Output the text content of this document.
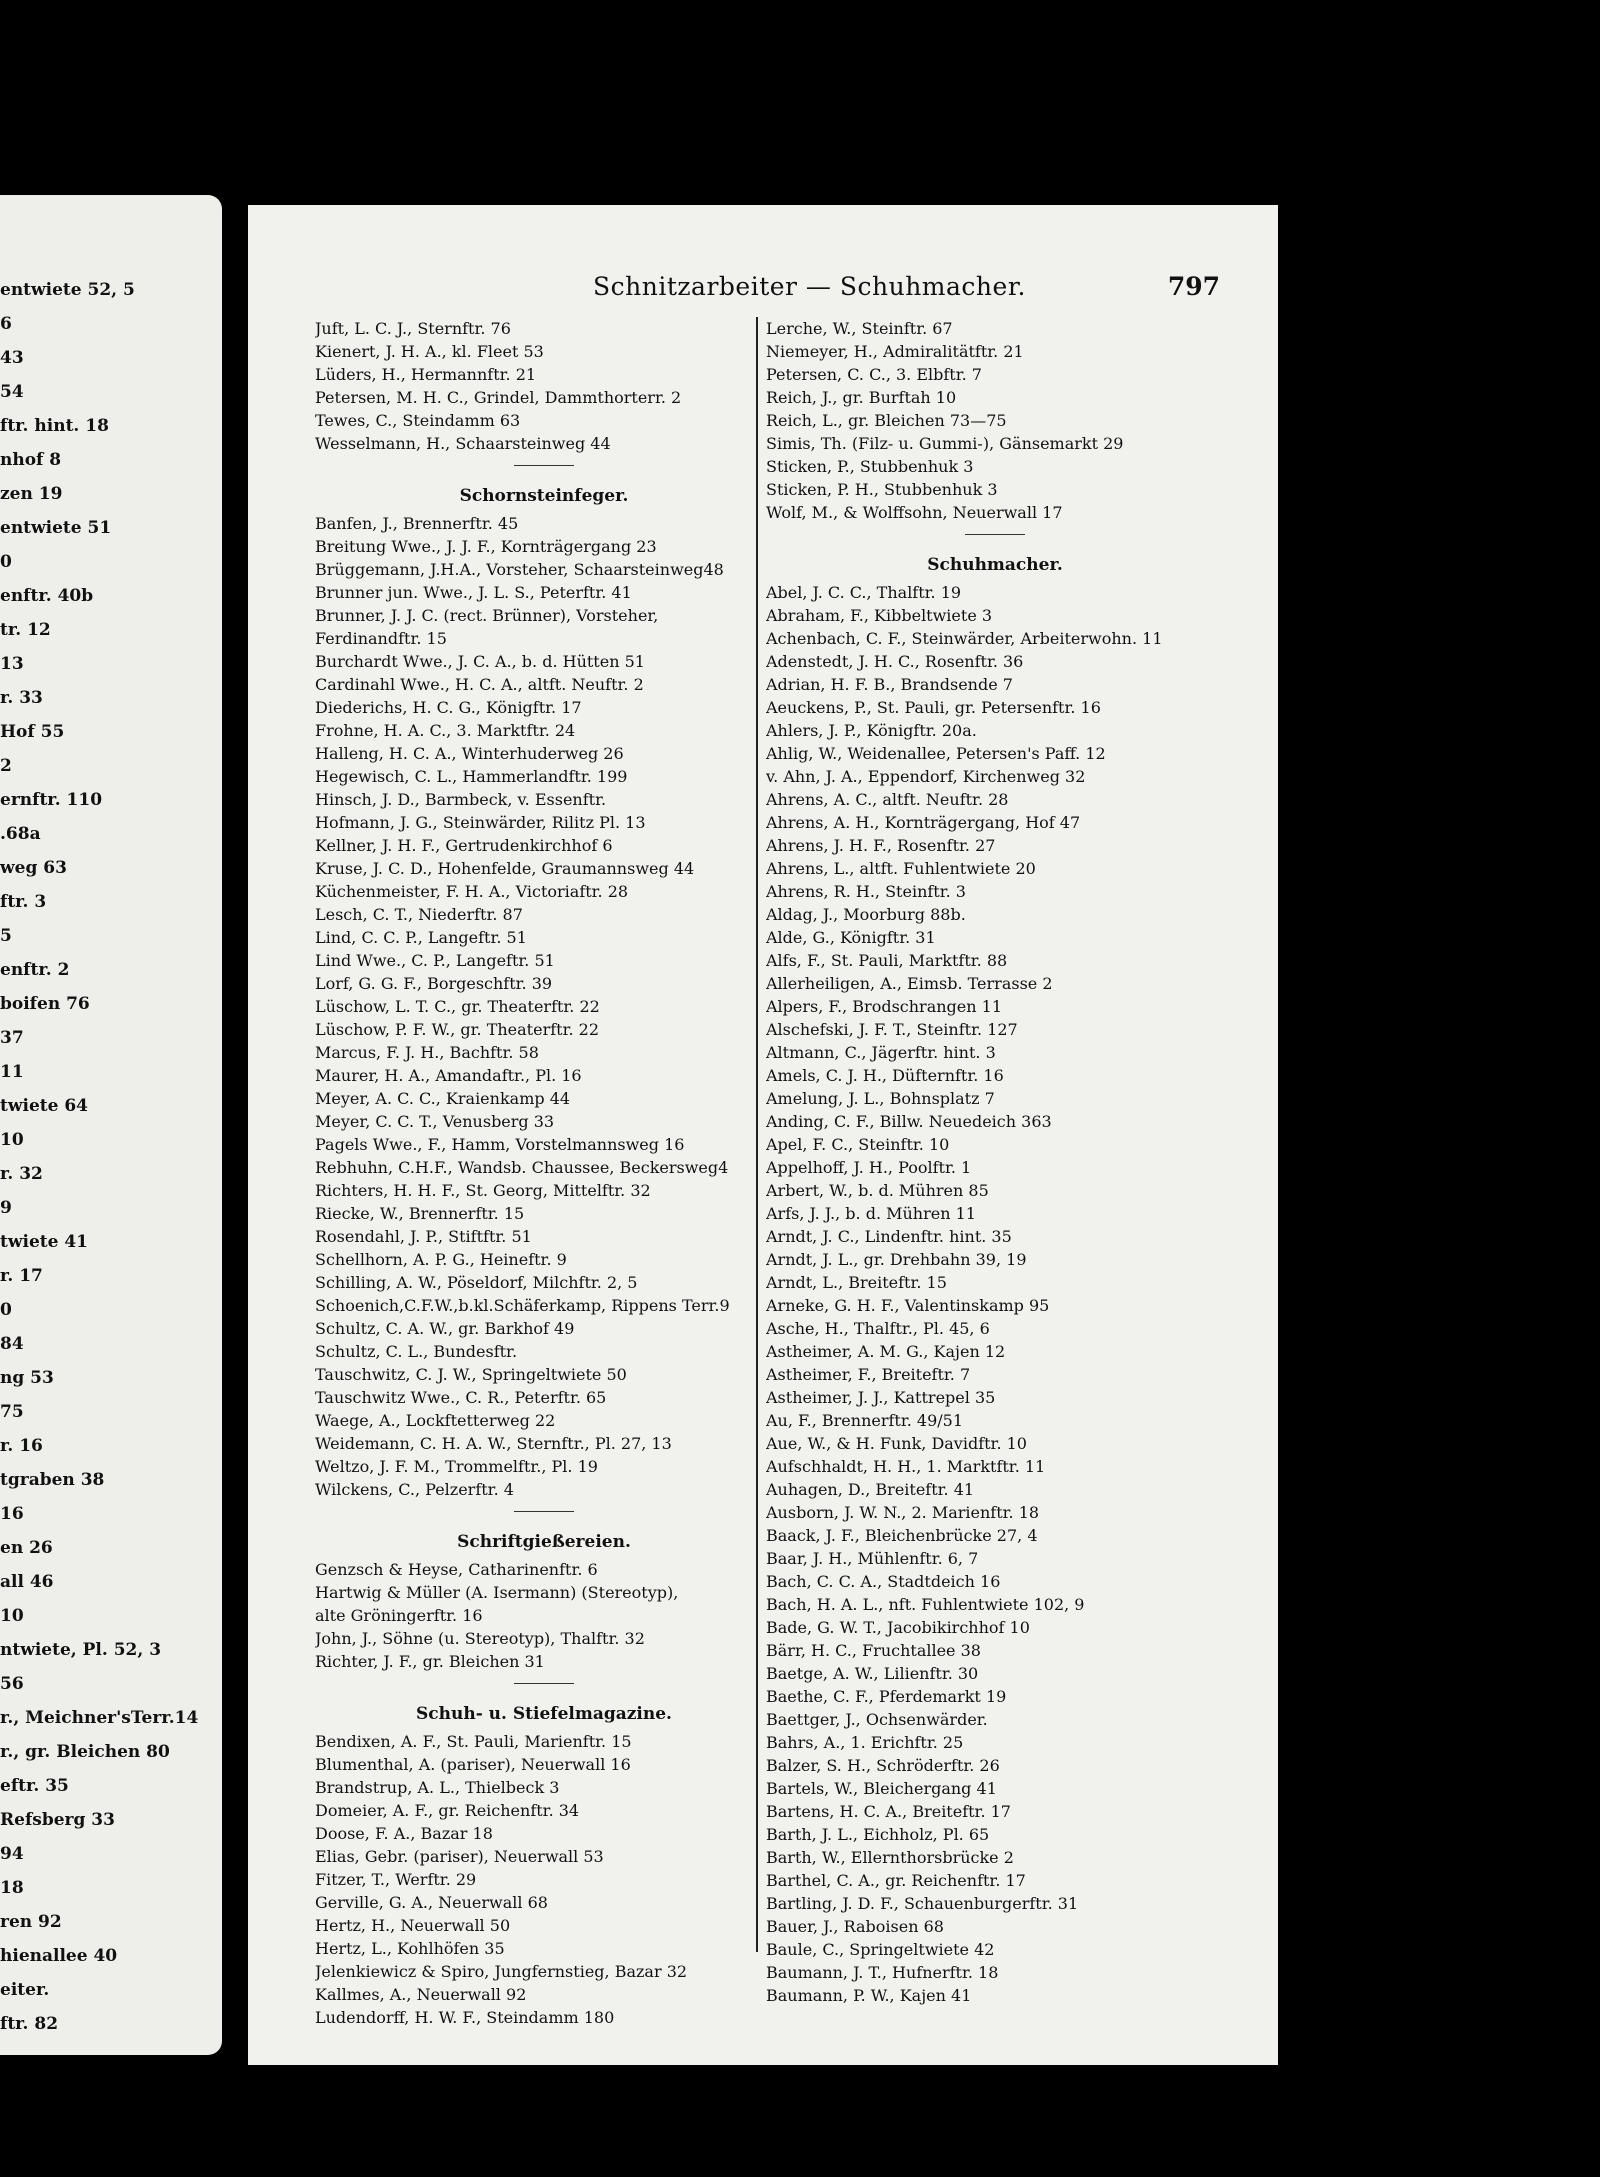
entwiete 52, 5
6
43
54
ftr. hint. 18
nhof 8
zen 19
entwiete 51
0
enftr. 40b
tr. 12
13
r. 33
Hof 55
2
ernftr. 110
.68a
weg 63
ftr. 3
5
enftr. 2
boifen 76
37
11
twiete 64
10
r. 32
9
twiete 41
r. 17
0
84
ng 53
75
r. 16
tgraben 38
16
en 26
all 46
10
ntwiete, Pl. 52, 3
56
r., Meichner'sTerr.14
r., gr. Bleichen 80
eftr. 35
Refsberg 33
94
18
ren 92
hienallee 40
eiter.
ftr. 82
Schnitzarbeiter — Schuhmacher.	797
Juft, L. C. J., Sternftr. 76
Kienert, J. H. A., kl. Fleet 53
Lüders, H., Hermannftr. 21
Petersen, M. H. C., Grindel, Dammthorterr. 2
Tewes, C., Steindamm 63
Wesselmann, H., Schaarsteinweg 44
Schornsteinfeger.
Banfen, J., Brennerftr. 45
Breitung Wwe., J. J. F., Kornträgergang 23
Brüggemann, J.H.A., Vorsteher, Schaarsteinweg48
Brunner jun. Wwe., J. L. S., Peterftr. 41
Brunner, J. J. C. (rect. Brünner), Vorsteher,
Ferdinandftr. 15
Burchardt Wwe., J. C. A., b. d. Hütten 51
Cardinahl Wwe., H. C. A., altft. Neuftr. 2
Diederichs, H. C. G., Königftr. 17
Frohne, H. A. C., 3. Marktftr. 24
Halleng, H. C. A., Winterhuderweg 26
Hegewisch, C. L., Hammerlandftr. 199
Hinsch, J. D., Barmbeck, v. Essenftr.
Hofmann, J. G., Steinwärder, Rilitz Pl. 13
Kellner, J. H. F., Gertrudenkirchhof 6
Kruse, J. C. D., Hohenfelde, Graumannsweg 44
Küchenmeister, F. H. A., Victoriaftr. 28
Lesch, C. T., Niederftr. 87
Lind, C. C. P., Langeftr. 51
Lind Wwe., C. P., Langeftr. 51
Lorf, G. G. F., Borgeschftr. 39
Lüschow, L. T. C., gr. Theaterftr. 22
Lüschow, P. F. W., gr. Theaterftr. 22
Marcus, F. J. H., Bachftr. 58
Maurer, H. A., Amandaftr., Pl. 16
Meyer, A. C. C., Kraienkamp 44
Meyer, C. C. T., Venusberg 33
Pagels Wwe., F., Hamm, Vorstelmannsweg 16
Rebhuhn, C.H.F., Wandsb. Chaussee, Beckersweg4
Richters, H. H. F., St. Georg, Mittelftr. 32
Riecke, W., Brennerftr. 15
Rosendahl, J. P., Stiftftr. 51
Schellhorn, A. P. G., Heineftr. 9
Schilling, A. W., Pöseldorf, Milchftr. 2, 5
Schoenich,C.F.W.,b.kl.Schäferkamp, Rippens Terr.9
Schultz, C. A. W., gr. Barkhof 49
Schultz, C. L., Bundesftr.
Tauschwitz, C. J. W., Springeltwiete 50
Tauschwitz Wwe., C. R., Peterftr. 65
Waege, A., Lockftetterweg 22
Weidemann, C. H. A. W., Sternftr., Pl. 27, 13
Weltzo, J. F. M., Trommelftr., Pl. 19
Wilckens, C., Pelzerftr. 4
Schriftgießereien.
Genzsch & Heyse, Catharinenftr. 6
Hartwig & Müller (A. Isermann) (Stereotyp),
alte Gröningerftr. 16
John, J., Söhne (u. Stereotyp), Thalftr. 32
Richter, J. F., gr. Bleichen 31
Schuh- u. Stiefelmagazine.
Bendixen, A. F., St. Pauli, Marienftr. 15
Blumenthal, A. (pariser), Neuerwall 16
Brandstrup, A. L., Thielbeck 3
Domeier, A. F., gr. Reichenftr. 34
Doose, F. A., Bazar 18
Elias, Gebr. (pariser), Neuerwall 53
Fitzer, T., Werftr. 29
Gerville, G. A., Neuerwall 68
Hertz, H., Neuerwall 50
Hertz, L., Kohlhöfen 35
Jelenkiewicz & Spiro, Jungfernstieg, Bazar 32
Kallmes, A., Neuerwall 92
Ludendorff, H. W. F., Steindamm 180
Lerche, W., Steinftr. 67
Niemeyer, H., Admiralitätftr. 21
Petersen, C. C., 3. Elbftr. 7
Reich, J., gr. Burftah 10
Reich, L., gr. Bleichen 73—75
Simis, Th. (Filz- u. Gummi-), Gänsemarkt 29
Sticken, P., Stubbenhuk 3
Sticken, P. H., Stubbenhuk 3
Wolf, M., & Wolffsohn, Neuerwall 17
Schuhmacher.
Abel, J. C. C., Thalftr. 19
Abraham, F., Kibbeltwiete 3
Achenbach, C. F., Steinwärder, Arbeiterwohn. 11
Adenstedt, J. H. C., Rosenftr. 36
Adrian, H. F. B., Brandsende 7
Aeuckens, P., St. Pauli, gr. Petersenftr. 16
Ahlers, J. P., Königftr. 20a.
Ahlig, W., Weidenallee, Petersen's Paff. 12
v. Ahn, J. A., Eppendorf, Kirchenweg 32
Ahrens, A. C., altft. Neuftr. 28
Ahrens, A. H., Kornträgergang, Hof 47
Ahrens, J. H. F., Rosenftr. 27
Ahrens, L., altft. Fuhlentwiete 20
Ahrens, R. H., Steinftr. 3
Aldag, J., Moorburg 88b.
Alde, G., Königftr. 31
Alfs, F., St. Pauli, Marktftr. 88
Allerheiligen, A., Eimsb. Terrasse 2
Alpers, F., Brodschrangen 11
Alschefski, J. F. T., Steinftr. 127
Altmann, C., Jägerftr. hint. 3
Amels, C. J. H., Düfternftr. 16
Amelung, J. L., Bohnsplatz 7
Anding, C. F., Billw. Neuedeich 363
Apel, F. C., Steinftr. 10
Appelhoff, J. H., Poolftr. 1
Arbert, W., b. d. Mühren 85
Arfs, J. J., b. d. Mühren 11
Arndt, J. C., Lindenftr. hint. 35
Arndt, J. L., gr. Drehbahn 39, 19
Arndt, L., Breiteftr. 15
Arneke, G. H. F., Valentinskamp 95
Asche, H., Thalftr., Pl. 45, 6
Astheimer, A. M. G., Kajen 12
Astheimer, F., Breiteftr. 7
Astheimer, J. J., Kattrepel 35
Au, F., Brennerftr. 49/51
Aue, W., & H. Funk, Davidftr. 10
Aufschhaldt, H. H., 1. Marktftr. 11
Auhagen, D., Breiteftr. 41
Ausborn, J. W. N., 2. Marienftr. 18
Baack, J. F., Bleichenbrücke 27, 4
Baar, J. H., Mühlenftr. 6, 7
Bach, C. C. A., Stadtdeich 16
Bach, H. A. L., nft. Fuhlentwiete 102, 9
Bade, G. W. T., Jacobikirchhof 10
Bärr, H. C., Fruchtallee 38
Baetge, A. W., Lilienftr. 30
Baethe, C. F., Pferdemarkt 19
Baettger, J., Ochsenwärder.
Bahrs, A., 1. Erichftr. 25
Balzer, S. H., Schröderftr. 26
Bartels, W., Bleichergang 41
Bartens, H. C. A., Breiteftr. 17
Barth, J. L., Eichholz, Pl. 65
Barth, W., Ellernthorsbrücke 2
Barthel, C. A., gr. Reichenftr. 17
Bartling, J. D. F., Schauenburgerftr. 31
Bauer, J., Raboisen 68
Baule, C., Springeltwiete 42
Baumann, J. T., Hufnerftr. 18
Baumann, P. W., Kajen 41
